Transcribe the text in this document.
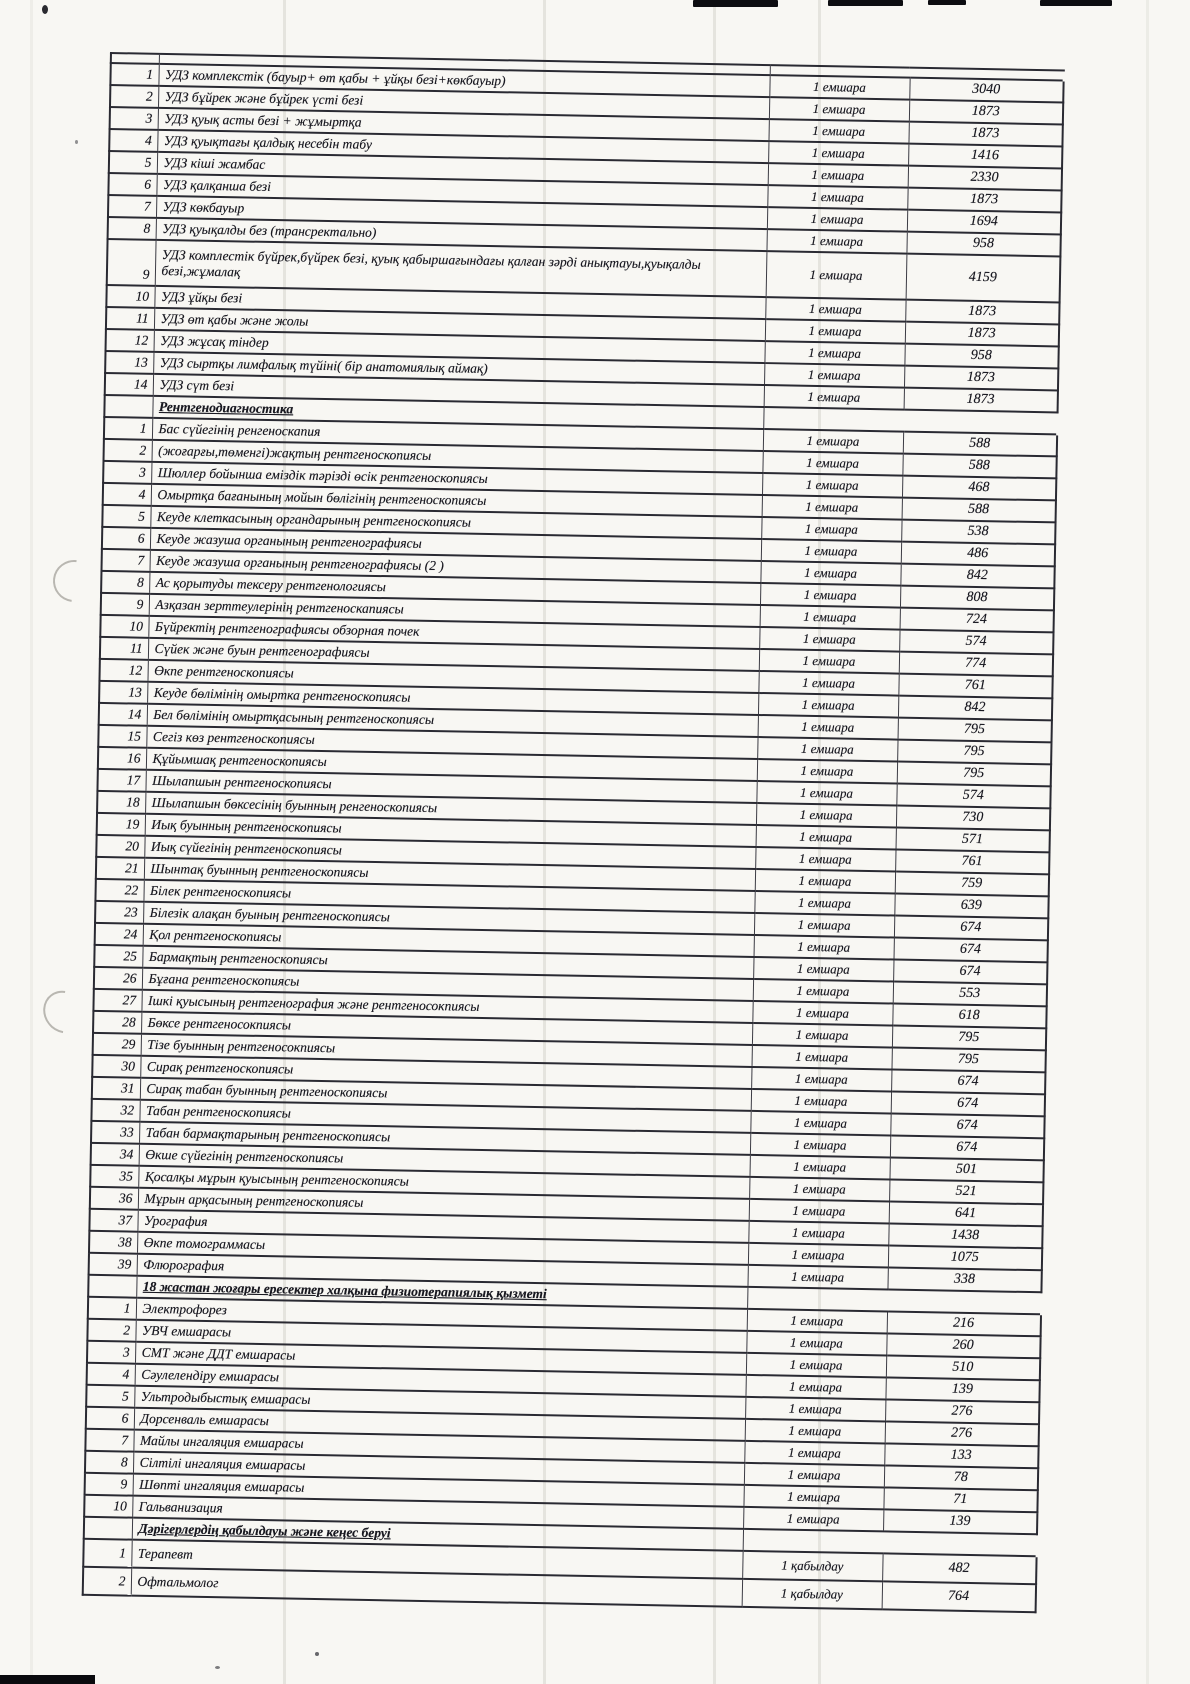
1	УДЗ комплекстік (бауыр+ өт қабы + ұйқы безі+көкбауыр)	1 емшара	3040
2	УДЗ бұйрек және бұйрек үсті безі	1 емшара	1873
3	УДЗ қуық асты безі + жұмыртқа	1 емшара	1873
4	УДЗ қуықтағы қалдық несебін табу	1 емшара	1416
5	УДЗ кіші жамбас	1 емшара	2330
6	УДЗ қалқанша безі	1 емшара	1873
7	УДЗ көкбауыр	1 емшара	1694
8	УДЗ қуықалды без (трансректально)	1 емшара	958
9	УДЗ комплестік бүйрек,бүйрек безі, қуық қабыршағындағы қалған зәрді анықтауы,қуықалды безі,жұмалақ	1 емшара	4159
10	УДЗ ұйқы безі	1 емшара	1873
11	УДЗ өт қабы және жолы	1 емшара	1873
12	УДЗ жұсақ тіндер	1 емшара	958
13	УДЗ сыртқы лимфалық түйіні( бір анатомиялық аймақ)	1 емшара	1873
14	УДЗ сүт безі	1 емшара	1873
	Рентгенодиагностика		
1	Бас сүйегінің ренгеноскапия	1 емшара	588
2	(жоғарғы,төменгі)жақтың рентгеноскопиясы	1 емшара	588
3	Шюллер бойынша еміздік тәрізді өсік рентгеноскопиясы	1 емшара	468
4	Омыртқа бағанының мойын бөлігінің рентгеноскопиясы	1 емшара	588
5	Кеуде клеткасының органдарының рентгеноскопиясы	1 емшара	538
6	Кеуде жазуша органының рентгенографиясы	1 емшара	486
7	Кеуде жазуша органының рентгенографиясы (2 )	1 емшара	842
8	Ас қорытуды тексеру рентгенологиясы	1 емшара	808
9	Азқазан зерттеулерінің рентгеноскапиясы	1 емшара	724
10	Бүйректің рентгенографиясы обзорная почек	1 емшара	574
11	Сүйек және буын рентгенографиясы	1 емшара	774
12	Өкпе рентгеноскопиясы	1 емшара	761
13	Кеуде бөлімінің омыртка рентгеноскопиясы	1 емшара	842
14	Бел бөлімінің омыртқасының рентгеноскопиясы	1 емшара	795
15	Сегіз көз рентгеноскопиясы	1 емшара	795
16	Құйымшақ рентгеноскопиясы	1 емшара	795
17	Шылапшын рентгеноскопиясы	1 емшара	574
18	Шылапшын бөксесінің буынның ренгеноскопиясы	1 емшара	730
19	Иық буынның рентгеноскопиясы	1 емшара	571
20	Иық сүйегінің рентгеноскопиясы	1 емшара	761
21	Шынтақ буынның рентгеноскопиясы	1 емшара	759
22	Білек рентгеноскопиясы	1 емшара	639
23	Білезік алақан буының рентгеноскопиясы	1 емшара	674
24	Қол рентгеноскопиясы	1 емшара	674
25	Бармақтың рентгеноскопиясы	1 емшара	674
26	Бұғана рентгеноскопиясы	1 емшара	553
27	Ішкі қуысының рентгенография және рентгеносокпиясы	1 емшара	618
28	Бөксе рентгеносокпиясы	1 емшара	795
29	Тізе буынның рентгеносокпиясы	1 емшара	795
30	Сирақ рентгеноскопиясы	1 емшара	674
31	Сирақ табан буынның рентгеноскопиясы	1 емшара	674
32	Табан рентгеноскопиясы	1 емшара	674
33	Табан бармақтарының рентгеноскопиясы	1 емшара	674
34	Өкше сүйегінің рентгеноскопиясы	1 емшара	501
35	Қосалқы мұрын қуысының рентгеноскопиясы	1 емшара	521
36	Мұрын арқасының рентгеноскопиясы	1 емшара	641
37	Урография	1 емшара	1438
38	Өкпе томограммасы	1 емшара	1075
39	Флюрография	1 емшара	338
	18 жастан жоғары ересектер халқына физиотерапиялық қызметі		
1	Электрофорез	1 емшара	216
2	УВЧ емшарасы	1 емшара	260
3	СМТ және ДДТ емшарасы	1 емшара	510
4	Сәулелендіру емшарасы	1 емшара	139
5	Ультродыбыстық емшарасы	1 емшара	276
6	Дорсенваль емшарасы	1 емшара	276
7	Майлы ингаляция емшарасы	1 емшара	133
8	Сілтілі ингаляция емшарасы	1 емшара	78
9	Шөпті ингаляция емшарасы	1 емшара	71
10	Гальванизация	1 емшара	139
	Дәрігерлердің қабылдауы және кеңес беруі		
1	Терапевт	1 қабылдау	482
2	Офтальмолог	1 қабылдау	764
